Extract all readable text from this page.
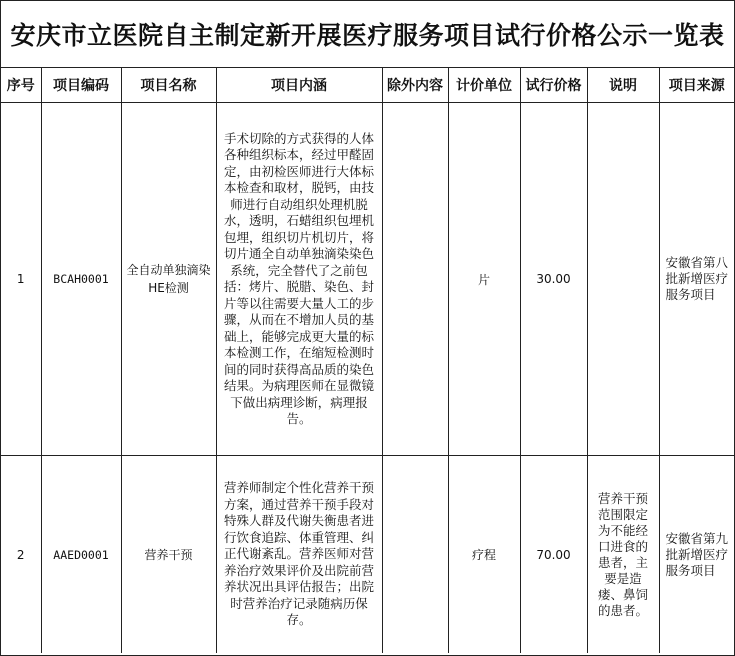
安庆市立医院自主制定新开展医疗服务项目试行价格公示一览表
序号	项目编码	项目名称	项目内涵	除外内容	计价单位	试行价格	说明	项目来源
1	BCAH0001	全自动单独滴染HE检测	手术切除的方式获得的人体各种组织标本，经过甲醛固定，由初检医师进行大体标本检查和取材，脱钙，由技师进行自动组织处理机脱水，透明，石蜡组织包埋机包埋，组织切片机切片，将切片通全自动单独滴染染色系统，完全替代了之前包括：烤片、脱腊、染色、封片等以往需要大量人工的步骤，从而在不增加人员的基础上，能够完成更大量的标本检测工作，在缩短检测时间的同时获得高品质的染色结果。为病理医师在显微镜下做出病理诊断，病理报告。		片	30.00		安徽省第八批新增医疗服务项目
2	AAED0001	营养干预	营养师制定个性化营养干预方案，通过营养干预手段对特殊人群及代谢失衡患者进行饮食追踪、体重管理、纠正代谢紊乱。营养医师对营养治疗效果评价及出院前营养状况出具评估报告；出院时营养治疗记录随病历保存。		疗程	70.00	营养干预范围限定为不能经口进食的患者，主要是造瘘、鼻饲的患者。	安徽省第九批新增医疗服务项目
